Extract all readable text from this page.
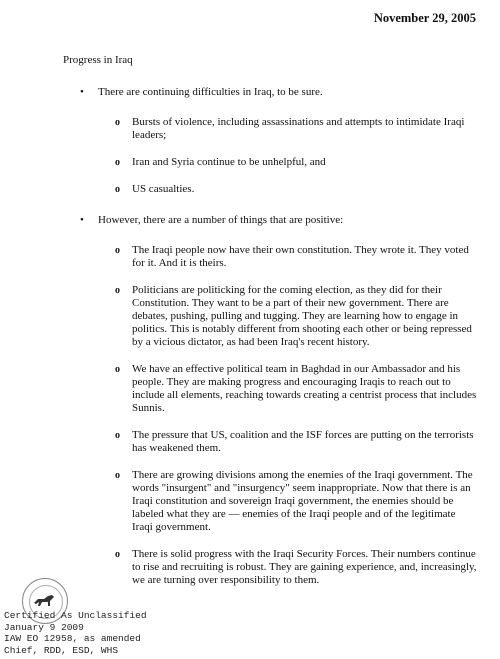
November 29, 2005
Progress in Iraq
• There are continuing difficulties in Iraq, to be sure.
o Bursts of violence, including assassinations and attempts to intimidate Iraqi leaders;
o Iran and Syria continue to be unhelpful, and
o US casualties.
• However, there are a number of things that are positive:
o The Iraqi people now have their own constitution. They wrote it. They voted for it. And it is theirs.
o Politicians are politicking for the coming election, as they did for their Constitution. They want to be a part of their new government. There are debates, pushing, pulling and tugging. They are learning how to engage in politics. This is notably different from shooting each other or being repressed by a vicious dictator, as had been Iraq's recent history.
o We have an effective political team in Baghdad in our Ambassador and his people. They are making progress and encouraging Iraqis to reach out to include all elements, reaching towards creating a centrist process that includes Sunnis.
o The pressure that US, coalition and the ISF forces are putting on the terrorists has weakened them.
o There are growing divisions among the enemies of the Iraqi government. The words "insurgent" and "insurgency" seem inappropriate. Now that there is an Iraqi constitution and sovereign Iraqi government, the enemies should be labeled what they are — enemies of the Iraqi people and of the legitimate Iraqi government.
o There is solid progress with the Iraqi Security Forces. Their numbers continue to rise and recruiting is robust. They are gaining experience, and, increasingly, we are turning over responsibility to them.
Certified As Unclassified
January 9 2009
IAW EO 12958, as amended
Chief, RDD, ESD, WHS
